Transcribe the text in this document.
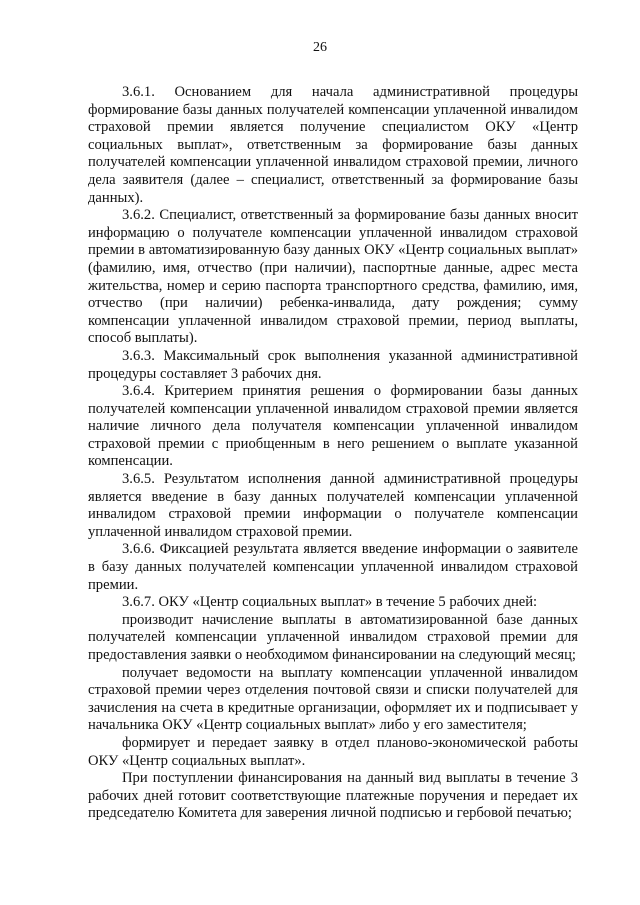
26

3.6.1. Основанием для начала административной процедуры формирование базы данных получателей компенсации уплаченной инвалидом страховой премии является получение специалистом ОКУ «Центр социальных выплат», ответственным за формирование базы данных получателей компенсации уплаченной инвалидом страховой премии, личного дела заявителя (далее – специалист, ответственный за формирование базы данных).

3.6.2. Специалист, ответственный за формирование базы данных вносит информацию о получателе компенсации уплаченной инвалидом страховой премии в автоматизированную базу данных ОКУ «Центр социальных выплат» (фамилию, имя, отчество (при наличии), паспортные данные, адрес места жительства, номер и серию паспорта транспортного средства, фамилию, имя, отчество (при наличии) ребенка-инвалида, дату рождения; сумму компенсации уплаченной инвалидом страховой премии, период выплаты, способ выплаты).

3.6.3. Максимальный срок выполнения указанной административной процедуры составляет 3 рабочих дня.

3.6.4. Критерием принятия решения о формировании базы данных получателей компенсации уплаченной инвалидом страховой премии является наличие личного дела получателя компенсации уплаченной инвалидом страховой премии с приобщенным в него решением о выплате указанной компенсации.

3.6.5. Результатом исполнения данной административной процедуры является введение в базу данных получателей компенсации уплаченной инвалидом страховой премии информации о получателе компенсации уплаченной инвалидом страховой премии.

3.6.6. Фиксацией результата является введение информации о заявителе в базу данных получателей компенсации уплаченной инвалидом страховой премии.

3.6.7. ОКУ «Центр социальных выплат» в течение 5 рабочих дней:

производит начисление выплаты в автоматизированной базе данных получателей компенсации уплаченной инвалидом страховой премии для предоставления заявки о необходимом финансировании на следующий месяц;

получает ведомости на выплату компенсации уплаченной инвалидом страховой премии через отделения почтовой связи и списки получателей для зачисления на счета в кредитные организации, оформляет их и подписывает у начальника ОКУ «Центр социальных выплат» либо у его заместителя;

формирует и передает заявку в отдел планово-экономической работы ОКУ «Центр социальных выплат».

При поступлении финансирования на данный вид выплаты в течение 3 рабочих дней готовит соответствующие платежные поручения и передает их председателю Комитета для заверения личной подписью и гербовой печатью;
